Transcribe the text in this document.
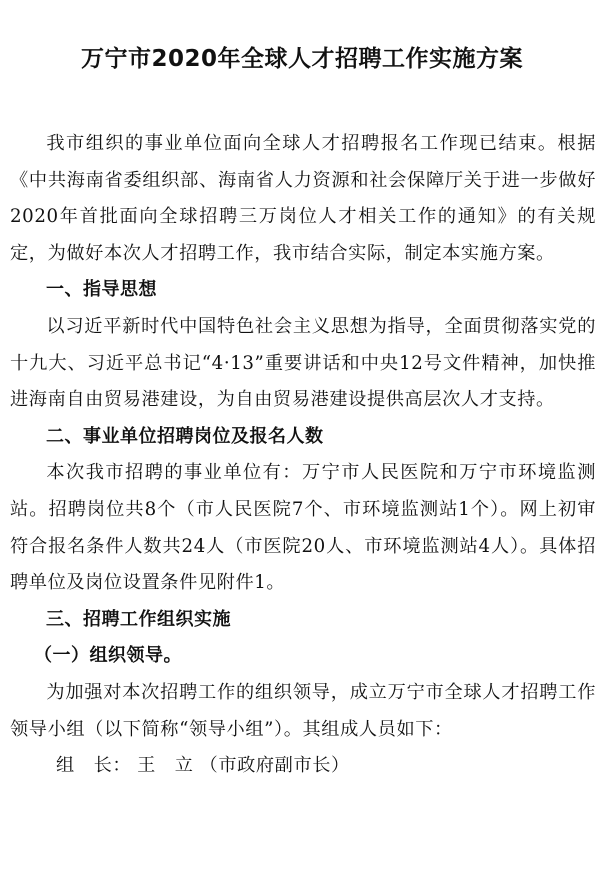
万宁市2020年全球人才招聘工作实施方案

我市组织的事业单位面向全球人才招聘报名工作现已结束。根据《中共海南省委组织部、海南省人力资源和社会保障厅关于进一步做好2020年首批面向全球招聘三万岗位人才相关工作的通知》的有关规定，为做好本次人才招聘工作，我市结合实际，制定本实施方案。

一、指导思想

以习近平新时代中国特色社会主义思想为指导，全面贯彻落实党的十九大、习近平总书记“4·13”重要讲话和中央12号文件精神，加快推进海南自由贸易港建设，为自由贸易港建设提供高层次人才支持。

二、事业单位招聘岗位及报名人数

本次我市招聘的事业单位有：万宁市人民医院和万宁市环境监测站。招聘岗位共8个（市人民医院7个、市环境监测站1个）。网上初审符合报名条件人数共24人（市医院20人、市环境监测站4人）。具体招聘单位及岗位设置条件见附件1。

三、招聘工作组织实施
（一）组织领导。

为加强对本次招聘工作的组织领导，成立万宁市全球人才招聘工作领导小组（以下简称“领导小组”）。其组成人员如下：

组　长： 王　立 （市政府副市长）
